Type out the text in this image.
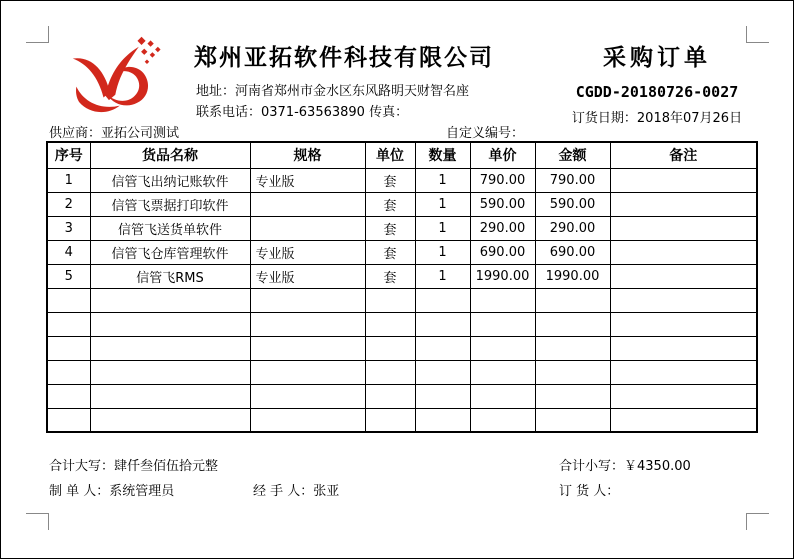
郑州亚拓软件科技有限公司
地址：河南省郑州市金水区东风路明天财智名座
联系电话：0371-63563890 传真：
采购订单
CGDD-20180726-0027
订货日期：2018年07月26日
供应商：亚拓公司测试	自定义编号：
序号	货品名称	规格	单位	数量	单价	金额	备注
1	信管飞出纳记账软件	专业版	套	1	790.00	790.00	
2	信管飞票据打印软件		套	1	590.00	590.00	
3	信管飞送货单软件		套	1	290.00	290.00	
4	信管飞仓库管理软件	专业版	套	1	690.00	690.00	
5	信管飞RMS	专业版	套	1	1990.00	1990.00	

合计大写：肆仟叁佰伍拾元整	合计小写：￥4350.00
制 单 人：系统管理员	经 手 人：张亚	订 货 人：
